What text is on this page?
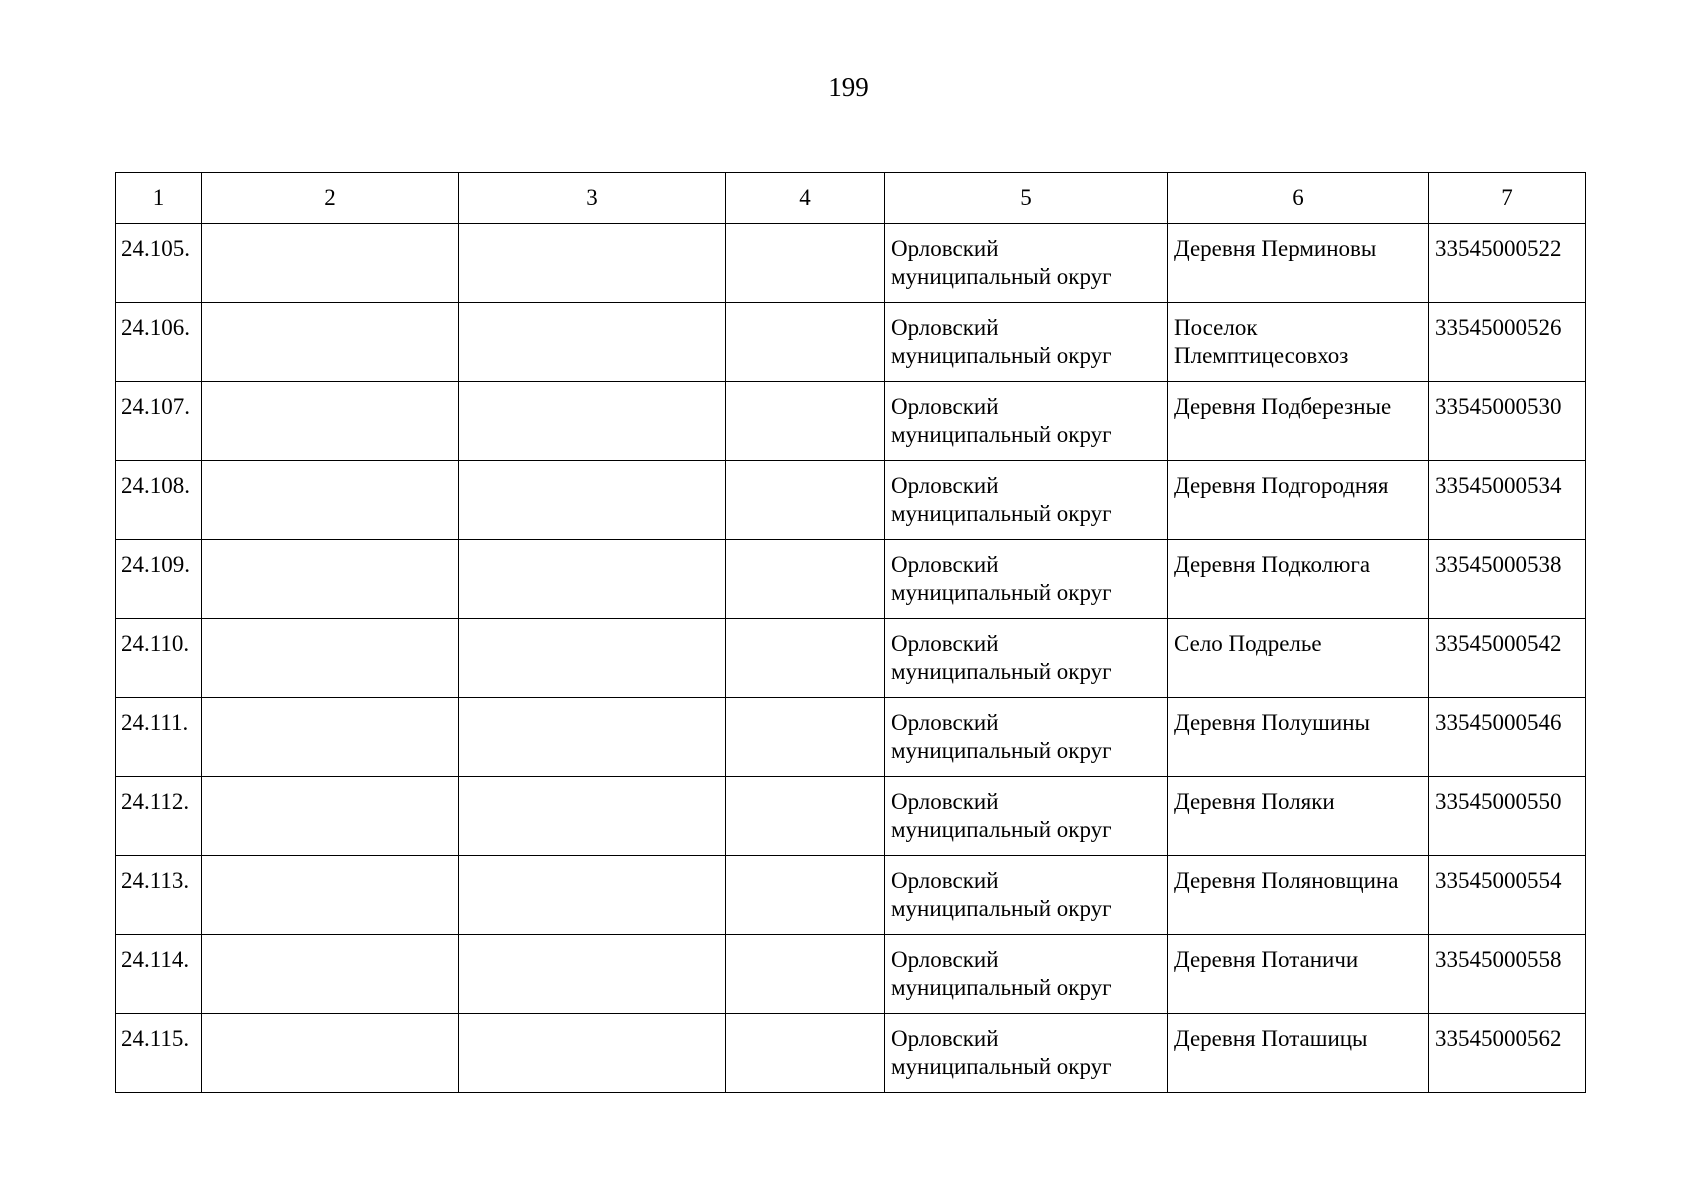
199
1	2	3	4	5	6	7
24.105.				Орловский
муниципальный округ	Деревня Перминовы	33545000522
24.106.				Орловский
муниципальный округ	Поселок
Племптицесовхоз	33545000526
24.107.				Орловский
муниципальный округ	Деревня Подберезные	33545000530
24.108.				Орловский
муниципальный округ	Деревня Подгородняя	33545000534
24.109.				Орловский
муниципальный округ	Деревня Подколюга	33545000538
24.110.				Орловский
муниципальный округ	Село Подрелье	33545000542
24.111.				Орловский
муниципальный округ	Деревня Полушины	33545000546
24.112.				Орловский
муниципальный округ	Деревня Поляки	33545000550
24.113.				Орловский
муниципальный округ	Деревня Поляновщина	33545000554
24.114.				Орловский
муниципальный округ	Деревня Потаничи	33545000558
24.115.				Орловский
муниципальный округ	Деревня Поташицы	33545000562
